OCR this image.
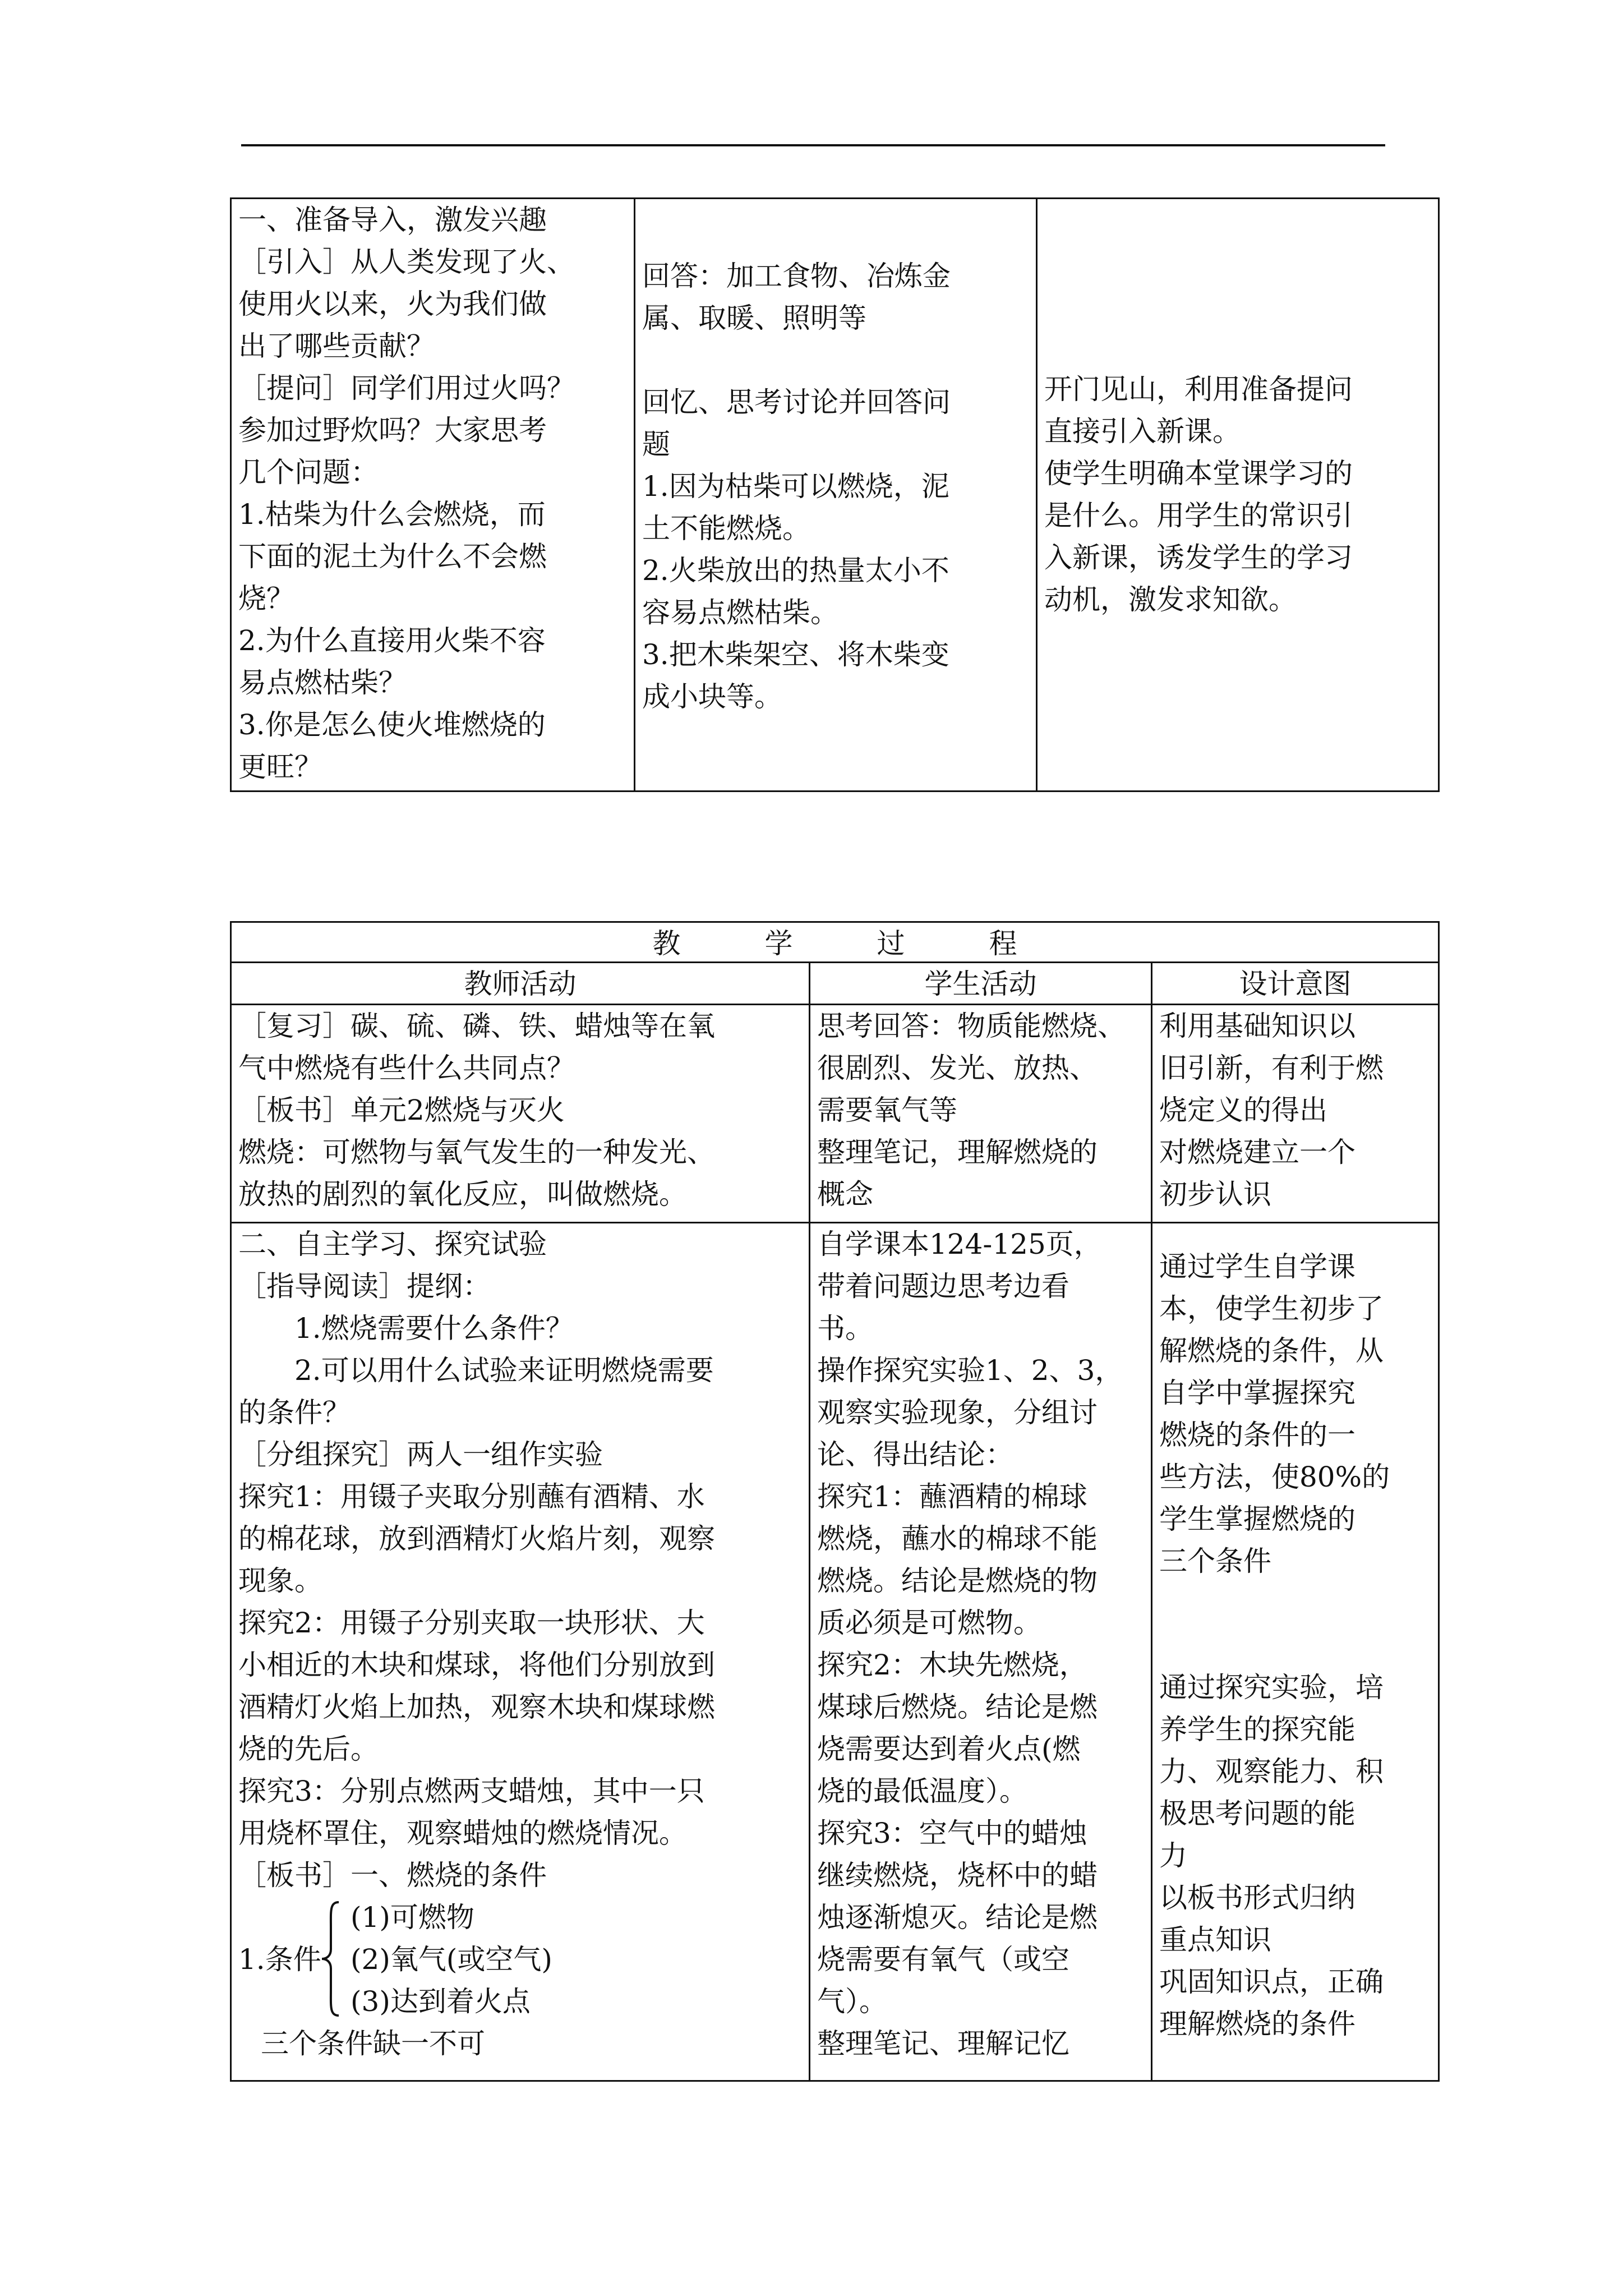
一、准备导入，激发兴趣
［引入］从人类发现了火、
使用火以来，火为我们做
出了哪些贡献？
［提问］同学们用过火吗？
参加过野炊吗？大家思考
几个问题：
1.枯柴为什么会燃烧，而
下面的泥土为什么不会燃
烧？
2.为什么直接用火柴不容
易点燃枯柴？
3.你是怎么使火堆燃烧的
更旺？
回答：加工食物、冶炼金
属、取暖、照明等

回忆、思考讨论并回答问
题
1.因为枯柴可以燃烧，泥
土不能燃烧。
2.火柴放出的热量太小不
容易点燃枯柴。
3.把木柴架空、将木柴变
成小块等。
开门见山，利用准备提问
直接引入新课。
使学生明确本堂课学习的
是什么。用学生的常识引
入新课，诱发学生的学习
动机，激发求知欲。
教学过程
教师活动	学生活动	设计意图
［复习］碳、硫、磷、铁、蜡烛等在氧
气中燃烧有些什么共同点？
［板书］单元2燃烧与灭火
燃烧：可燃物与氧气发生的一种发光、
放热的剧烈的氧化反应，叫做燃烧。
思考回答：物质能燃烧、
很剧烈、发光、放热、
需要氧气等
整理笔记，理解燃烧的
概念
利用基础知识以
旧引新，有利于燃
烧定义的得出
对燃烧建立一个
初步认识
二、自主学习、探究试验
［指导阅读］提纲：
1.燃烧需要什么条件？
2.可以用什么试验来证明燃烧需要
的条件？
［分组探究］两人一组作实验
探究1：用镊子夹取分别蘸有酒精、水
的棉花球，放到酒精灯火焰片刻，观察
现象。
探究2：用镊子分别夹取一块形状、大
小相近的木块和煤球，将他们分别放到
酒精灯火焰上加热，观察木块和煤球燃
烧的先后。
探究3：分别点燃两支蜡烛，其中一只
用烧杯罩住，观察蜡烛的燃烧情况。
［板书］一、燃烧的条件
1.条件
(1)可燃物
(2)氧气(或空气)
(3)达到着火点
三个条件缺一不可
自学课本124-125页，
带着问题边思考边看
书。
操作探究实验1、2、3，
观察实验现象，分组讨
论、得出结论：
探究1：蘸酒精的棉球
燃烧，蘸水的棉球不能
燃烧。结论是燃烧的物
质必须是可燃物。
探究2：木块先燃烧，
煤球后燃烧。结论是燃
烧需要达到着火点(燃
烧的最低温度）。
探究3：空气中的蜡烛
继续燃烧，烧杯中的蜡
烛逐渐熄灭。结论是燃
烧需要有氧气（或空
气）。
整理笔记、理解记忆
通过学生自学课
本，使学生初步了
解燃烧的条件，从
自学中掌握探究
燃烧的条件的一
些方法，使80%的
学生掌握燃烧的
三个条件
通过探究实验，培
养学生的探究能
力、观察能力、积
极思考问题的能
力
以板书形式归纳
重点知识
巩固知识点，正确
理解燃烧的条件
